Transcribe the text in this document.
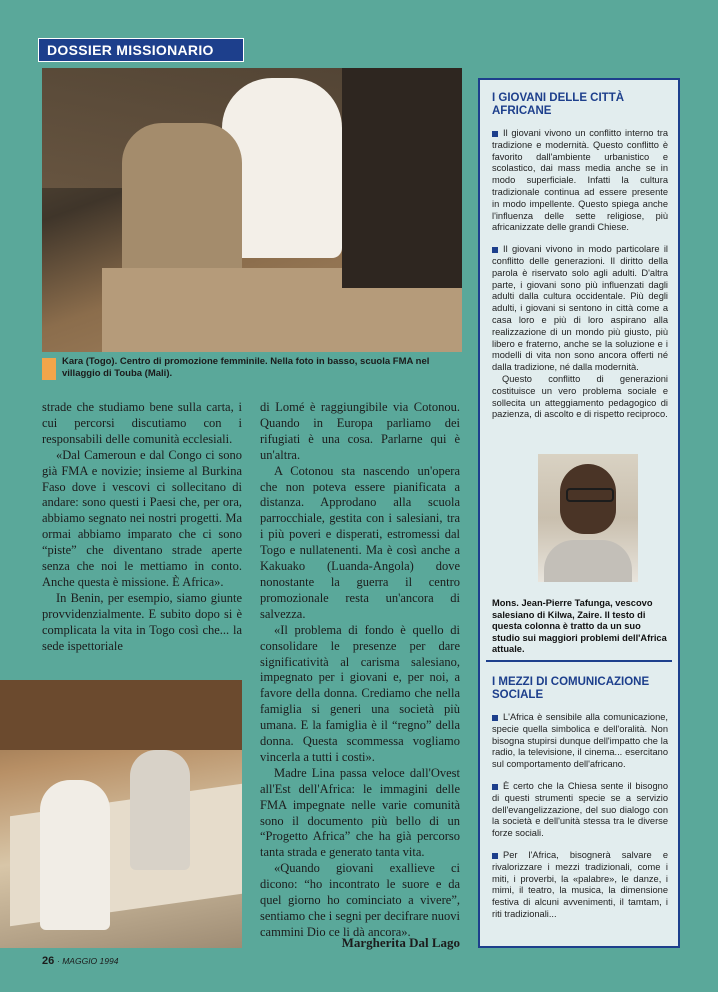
DOSSIER MISSIONARIO

Kara (Togo). Centro di promozione femminile. Nella foto in basso, scuola FMA nel villaggio di Touba (Mali).

strade che studiamo bene sulla carta, i cui percorsi discutiamo con i responsabili delle comunità ecclesiali.

«Dal Cameroun e dal Congo ci sono già FMA e novizie; insieme al Burkina Faso dove i vescovi ci sollecitano di andare: sono questi i Paesi che, per ora, abbiamo segnato nei nostri progetti. Ma ormai abbiamo imparato che ci sono “piste” che diventano strade aperte senza che noi le mettiamo in conto. Anche questa è missione. È Africa».

In Benin, per esempio, siamo giunte provvidenzialmente. E subito dopo si è complicata la vita in Togo così che... la sede ispettoriale

di Lomé è raggiungibile via Cotonou. Quando in Europa parliamo dei rifugiati è una cosa. Parlarne qui è un'altra.

A Cotonou sta nascendo un'opera che non poteva essere pianificata a distanza. Approdano alla scuola parrocchiale, gestita con i salesiani, tra i più poveri e disperati, estromessi dal Togo e nullatenenti. Ma è così anche a Kakuako (Luanda-Angola) dove nonostante la guerra il centro promozionale resta un'ancora di salvezza.

«Il problema di fondo è quello di consolidare le presenze per dare significatività al carisma salesiano, impegnato per i giovani e, per noi, a favore della donna. Crediamo che nella famiglia si generi una società più umana. E la famiglia è il “regno” della donna. Questa scommessa vogliamo vincerla a tutti i costi».

Madre Lina passa veloce dall'Ovest all'Est dell'Africa: le immagini delle FMA impegnate nelle varie comunità sono il documento più bello di un “Progetto Africa” che ha già percorso tanta strada e generato tanta vita.

«Quando giovani exallieve ci dicono: “ho incontrato le suore e da quel giorno ho cominciato a vivere”, sentiamo che i segni per decifrare nuovi cammini Dio ce li dà ancora».

Margherita Dal Lago

I GIOVANI DELLE CITTÀ AFRICANE

Il giovani vivono un conflitto interno tra tradizione e modernità. Questo conflitto è favorito dall'ambiente urbanistico e scolastico, dai mass media anche se in modo superficiale. Infatti la cultura tradizionale continua ad essere presente in modo impellente. Questo spiega anche l'influenza delle sette religiose, più africanizzate delle grandi Chiese.

Il giovani vivono in modo particolare il conflitto delle generazioni. Il diritto della parola è riservato solo agli adulti. D'altra parte, i giovani sono più influenzati dagli adulti dalla cultura occidentale. Più degli adulti, i giovani si sentono in città come a casa loro e più di loro aspirano alla realizzazione di un mondo più giusto, più libero e fraterno, anche se la soluzione e i modelli di vita non sono ancora offerti né dalla tradizione, né dalla modernità.

Questo conflitto di generazioni costituisce un vero problema sociale e sollecita un atteggiamento pedagogico di pazienza, di ascolto e di rispetto reciproco.

Mons. Jean-Pierre Tafunga, vescovo salesiano di Kilwa, Zaire. Il testo di questa colonna è tratto da un suo studio sui maggiori problemi dell'Africa attuale.

I MEZZI DI COMUNICAZIONE SOCIALE

L'Africa è sensibile alla comunicazione, specie quella simbolica e dell'oralità. Non bisogna stupirsi dunque dell'impatto che la radio, la televisione, il cinema... esercitano sul comportamento dell'africano.

È certo che la Chiesa sente il bisogno di questi strumenti specie se a servizio dell'evangelizzazione, del suo dialogo con la società e dell'unità stessa tra le diverse forze sociali.

Per l'Africa, bisognerà salvare e rivalorizzare i mezzi tradizionali, come i miti, i proverbi, la «palabre», le danze, i mimi, il teatro, la musica, la dimensione festiva di alcuni avvenimenti, il tamtam, i riti tradizionali...

26 · MAGGIO 1994
